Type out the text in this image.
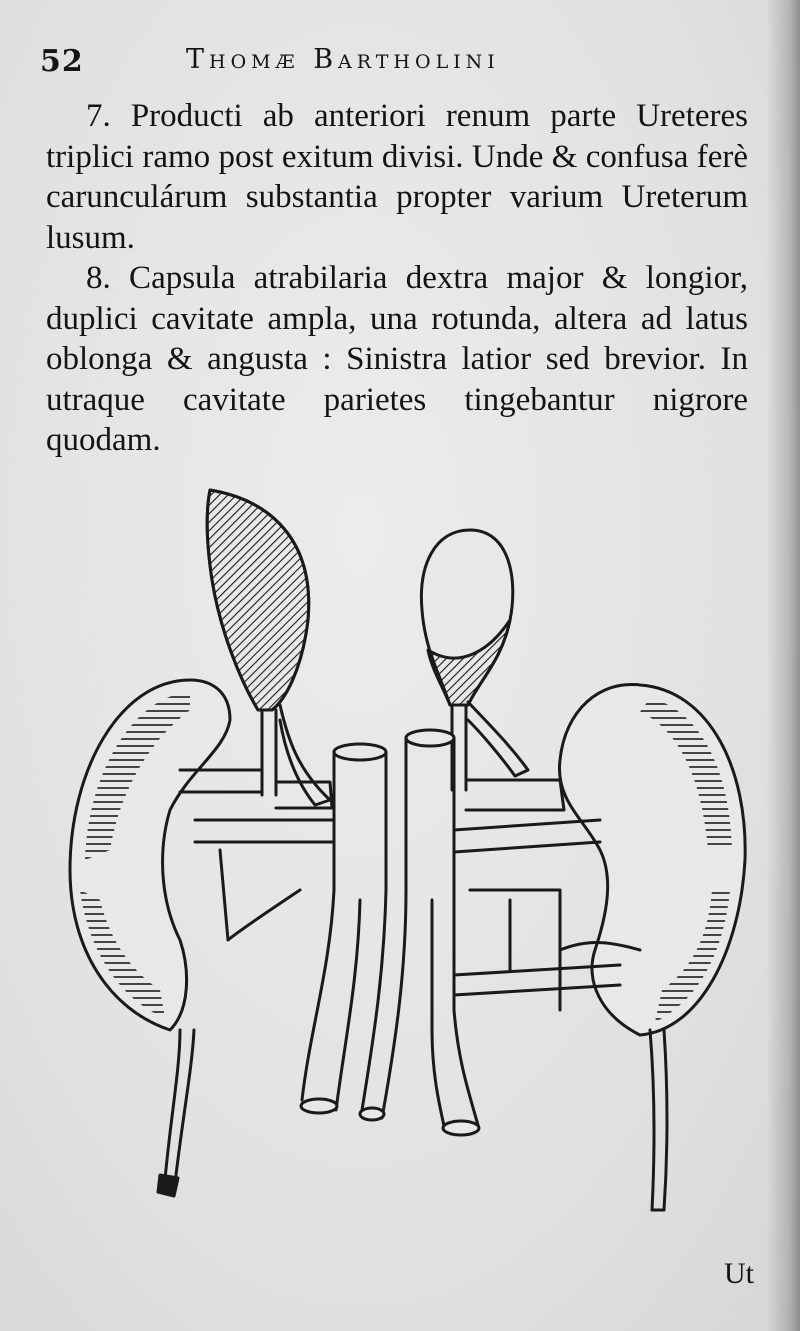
52	Thomæ Bartholini

7. Producti ab anteriori renum parte Ureteres triplici ramo post exitum divisi. Unde & confusa ferè carunculárum substantia propter varium Ureterum lusum.

8. Capsula atrabilaria dextra major & longior, duplici cavitate ampla, una rotunda, altera ad latus oblonga & angusta : Sinistra latior sed brevior. In utraque cavitate parietes tingebantur nigrore quodam.

Ut
